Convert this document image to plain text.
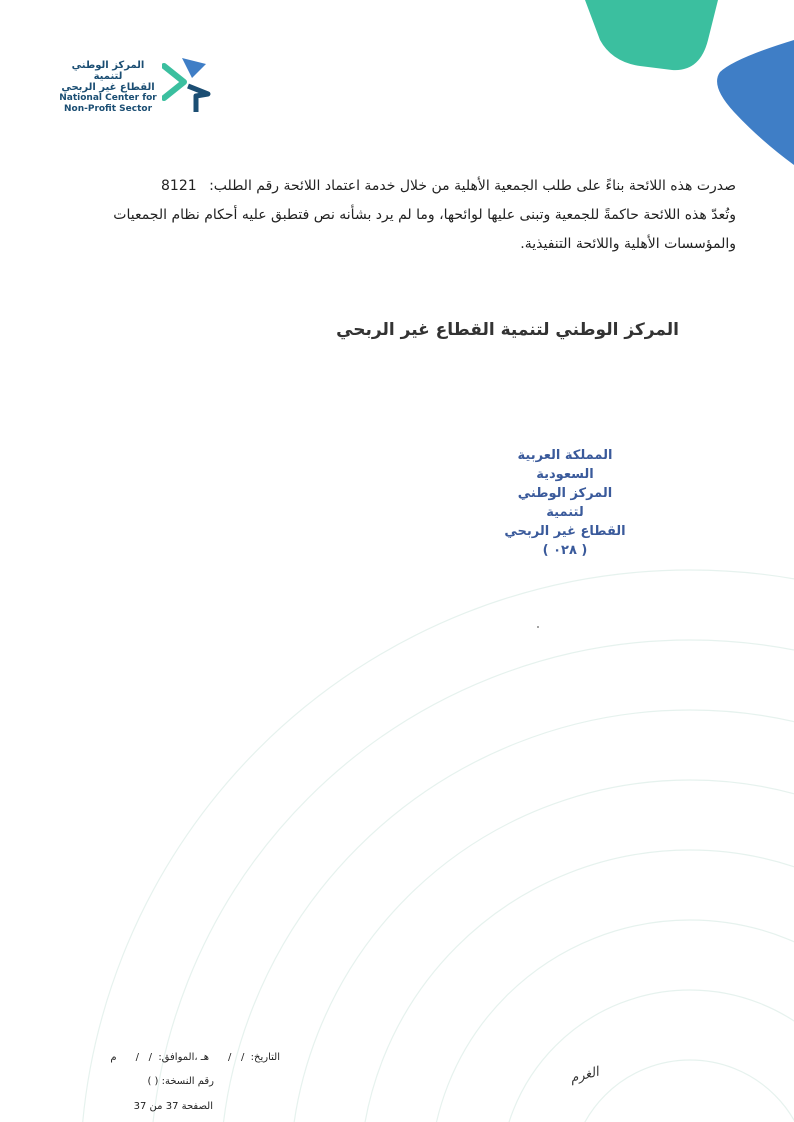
المركز الوطني لتنمية
القطاع غير الربحي
National Center for
Non-Profit Sector
صدرت هذه اللائحة بناءً على طلب الجمعية الأهلية من خلال خدمة اعتماد اللائحة رقم الطلب: 8121
وتُعدّ هذه اللائحة حاكمةً للجمعية وتبنى عليها لوائحها، وما لم يرد بشأنه نص فتطبق عليه أحكام نظام الجمعيات
والمؤسسات الأهلية واللائحة التنفيذية.
المركز الوطني لتنمية القطاع غير الربحي
المملكة العربية السعودية
المركز الوطني لتنمية
القطاع غير الربحي
( ٠٢٨ )
الغرم
التاريخ:  /   /      هـ ،الموافق:  /   /      م
رقم النسخة: ( )
الصفحة 37 من 37
